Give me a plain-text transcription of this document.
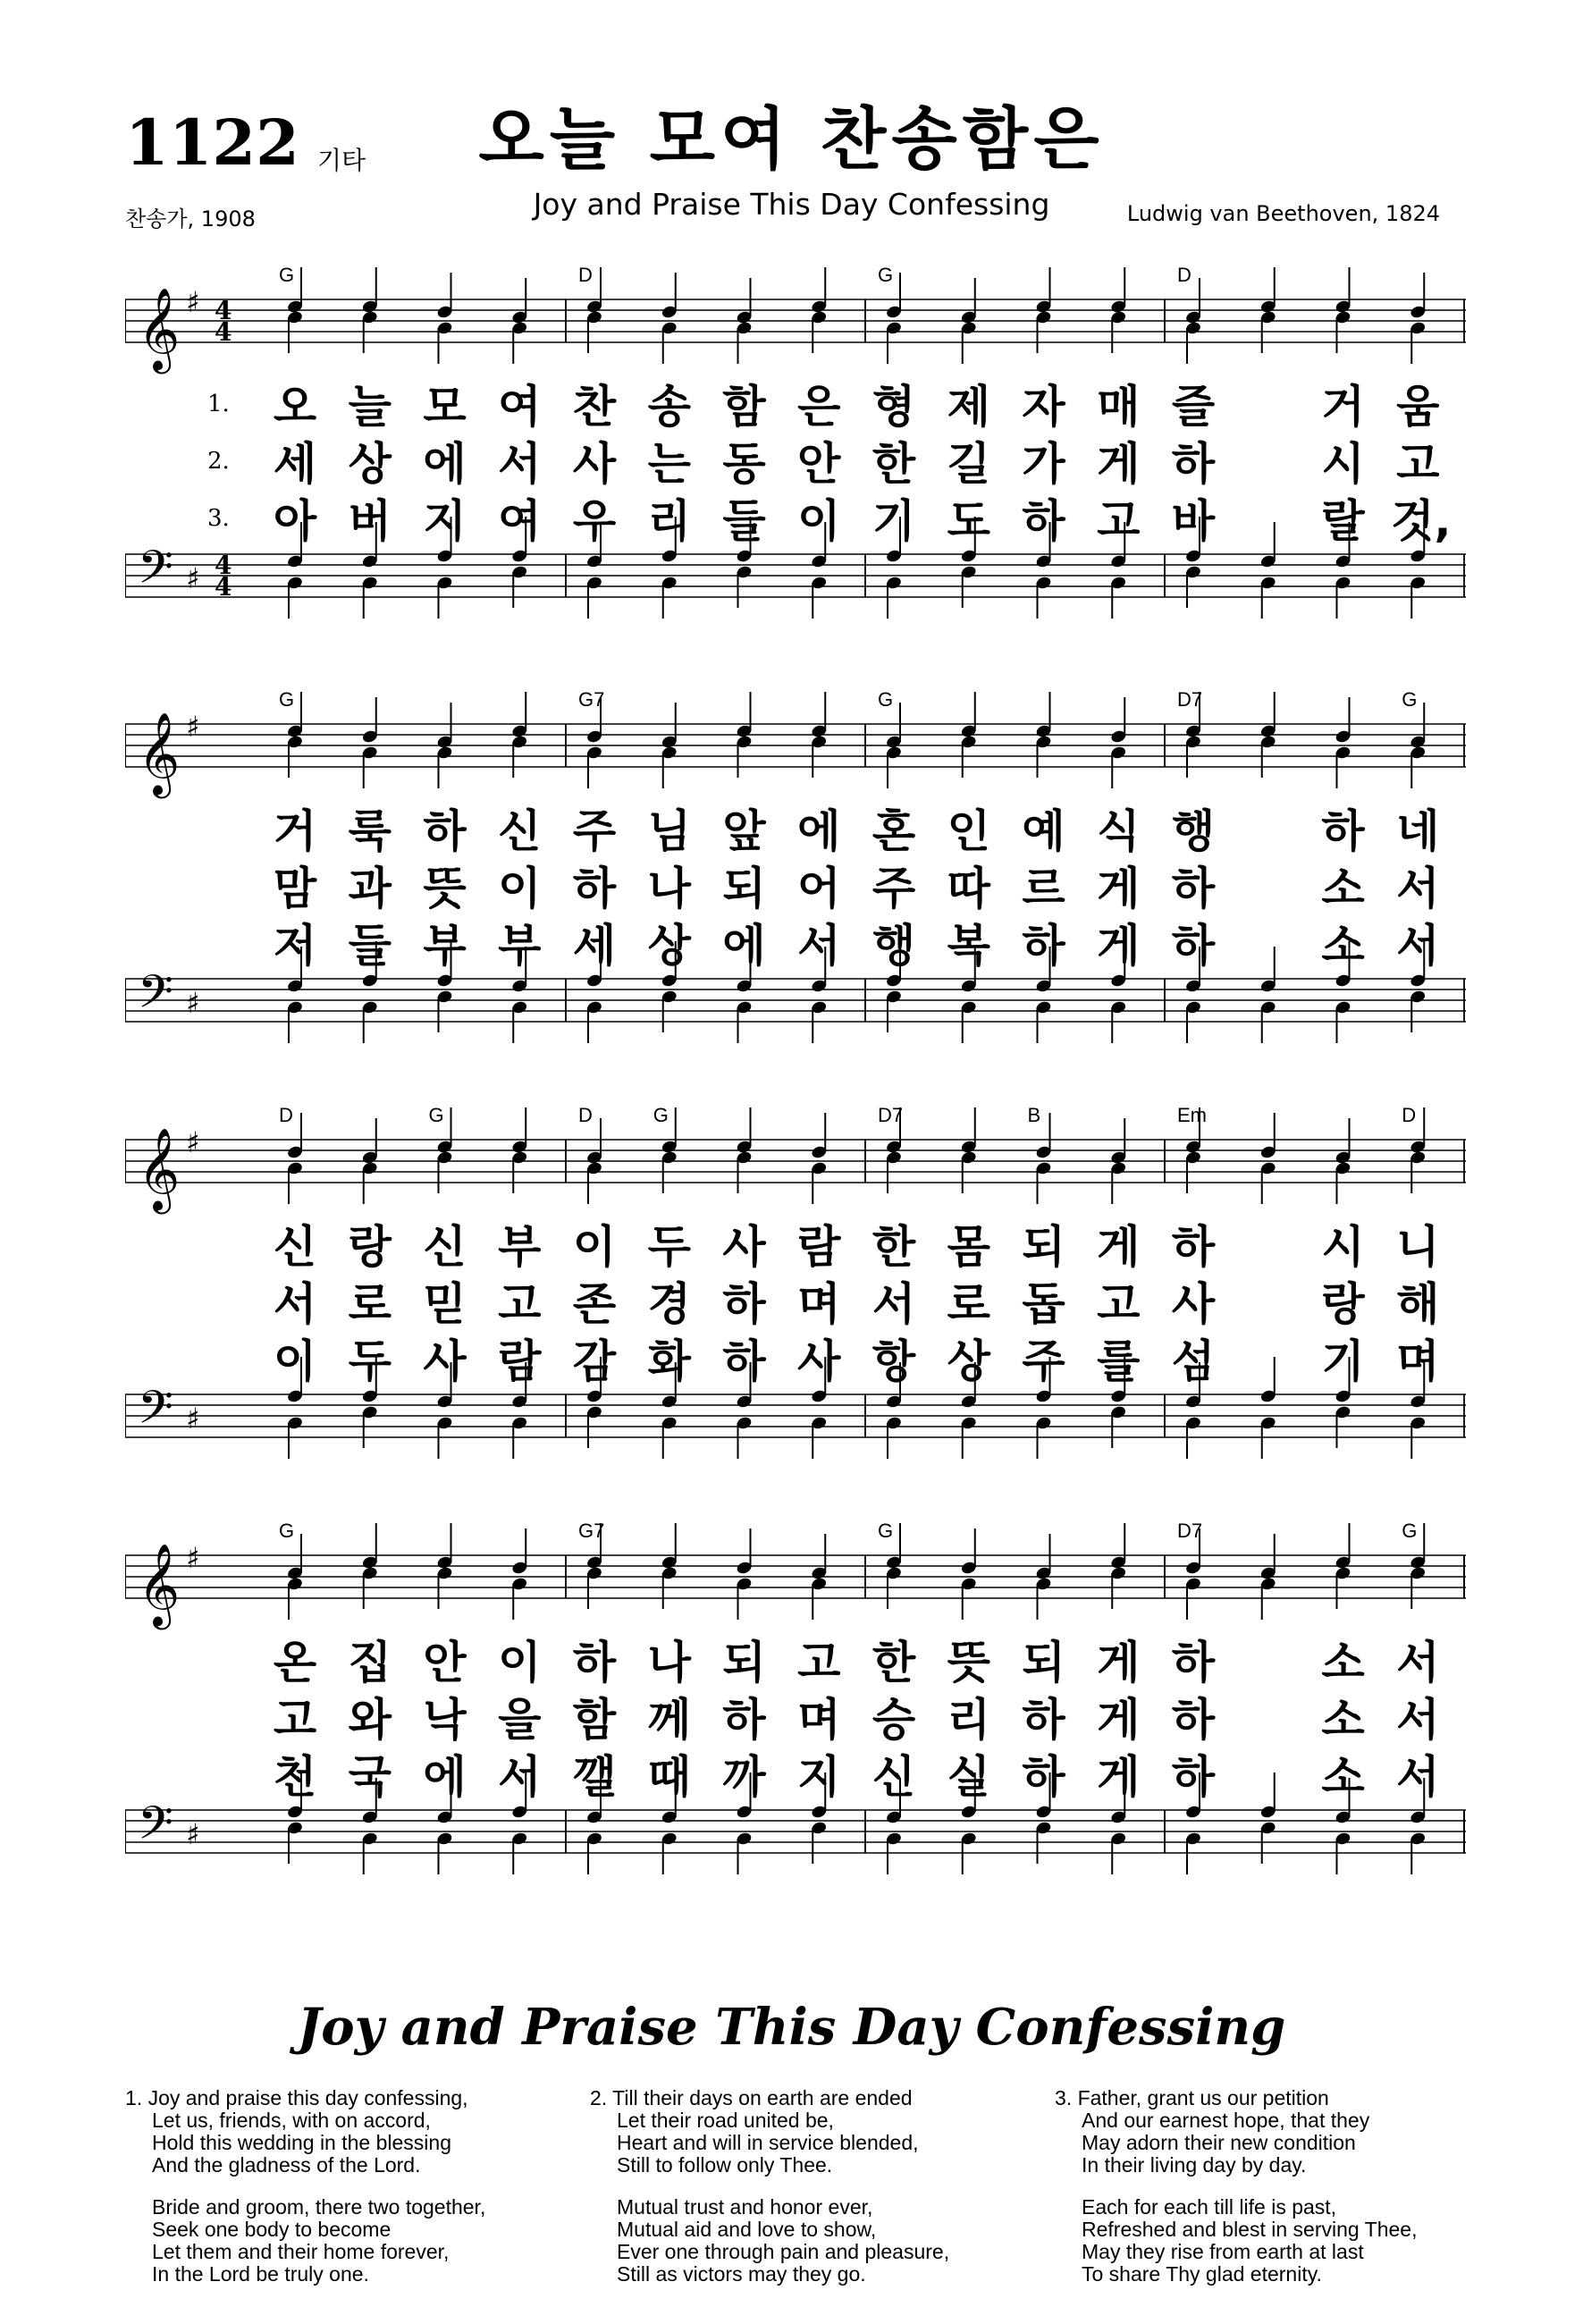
1122 기타	오늘 모여 찬송함은
Joy and Praise This Day Confessing
찬송가, 1908	Ludwig van Beethoven, 1824
𝄞
𝄢
♯
♯
4
4
4
4
G	D	G	D
𝄞
𝄢
♯
♯
G	G7	G	D7	G
𝄞
𝄢
♯
♯
D	G	D	G	D7	B	Em	D
𝄞
𝄢
♯
♯
G	G7	G	D7	G
Joy and Praise This Day Confessing
1. Joy and praise this day confessing,
Let us, friends, with on accord,
Hold this wedding in the blessing
And the gladness of the Lord.
Bride and groom, there two together,
Seek one body to become
Let them and their home forever,
In the Lord be truly one.
2. Till their days on earth are ended
Let their road united be,
Heart and will in service blended,
Still to follow only Thee.
Mutual trust and honor ever,
Mutual aid and love to show,
Ever one through pain and pleasure,
Still as victors may they go.
3. Father, grant us our petition
And our earnest hope, that they
May adorn their new condition
In their living day by day.
Each for each till life is past,
Refreshed and blest in serving Thee,
May they rise from earth at last
To share Thy glad eternity.
1. 오 늘 모 여 찬 송 함 은 형 제 자 매 즐 거 움
2. 세 상 에 서 사 는 동 안 한 길 가 게 하 시 고
3. 아 버 지 여 우 리 들 이 기 도 하 고 바 랄 것,
거 룩 하 신 주 님 앞 에 혼 인 예 식 행 하 네
맘 과 뜻 이 하 나 되 어 주 따 르 게 하 소 서
저 들 부 부 세 상 에 서 행 복 하 게 하 소 서
신 랑 신 부 이 두 사 람 한 몸 되 게 하 시 니
서 로 믿 고 존 경 하 며 서 로 돕 고 사 랑 해
이 두 사 람 감 화 하 사 항 상 주 를 섬 기 며
온 집 안 이 하 나 되 고 한 뜻 되 게 하 소 서
고 와 낙 을 함 께 하 며 승 리 하 게 하 소 서
천 국 에 서 깰 때 까 지 신 실 하 게 하 소 서
